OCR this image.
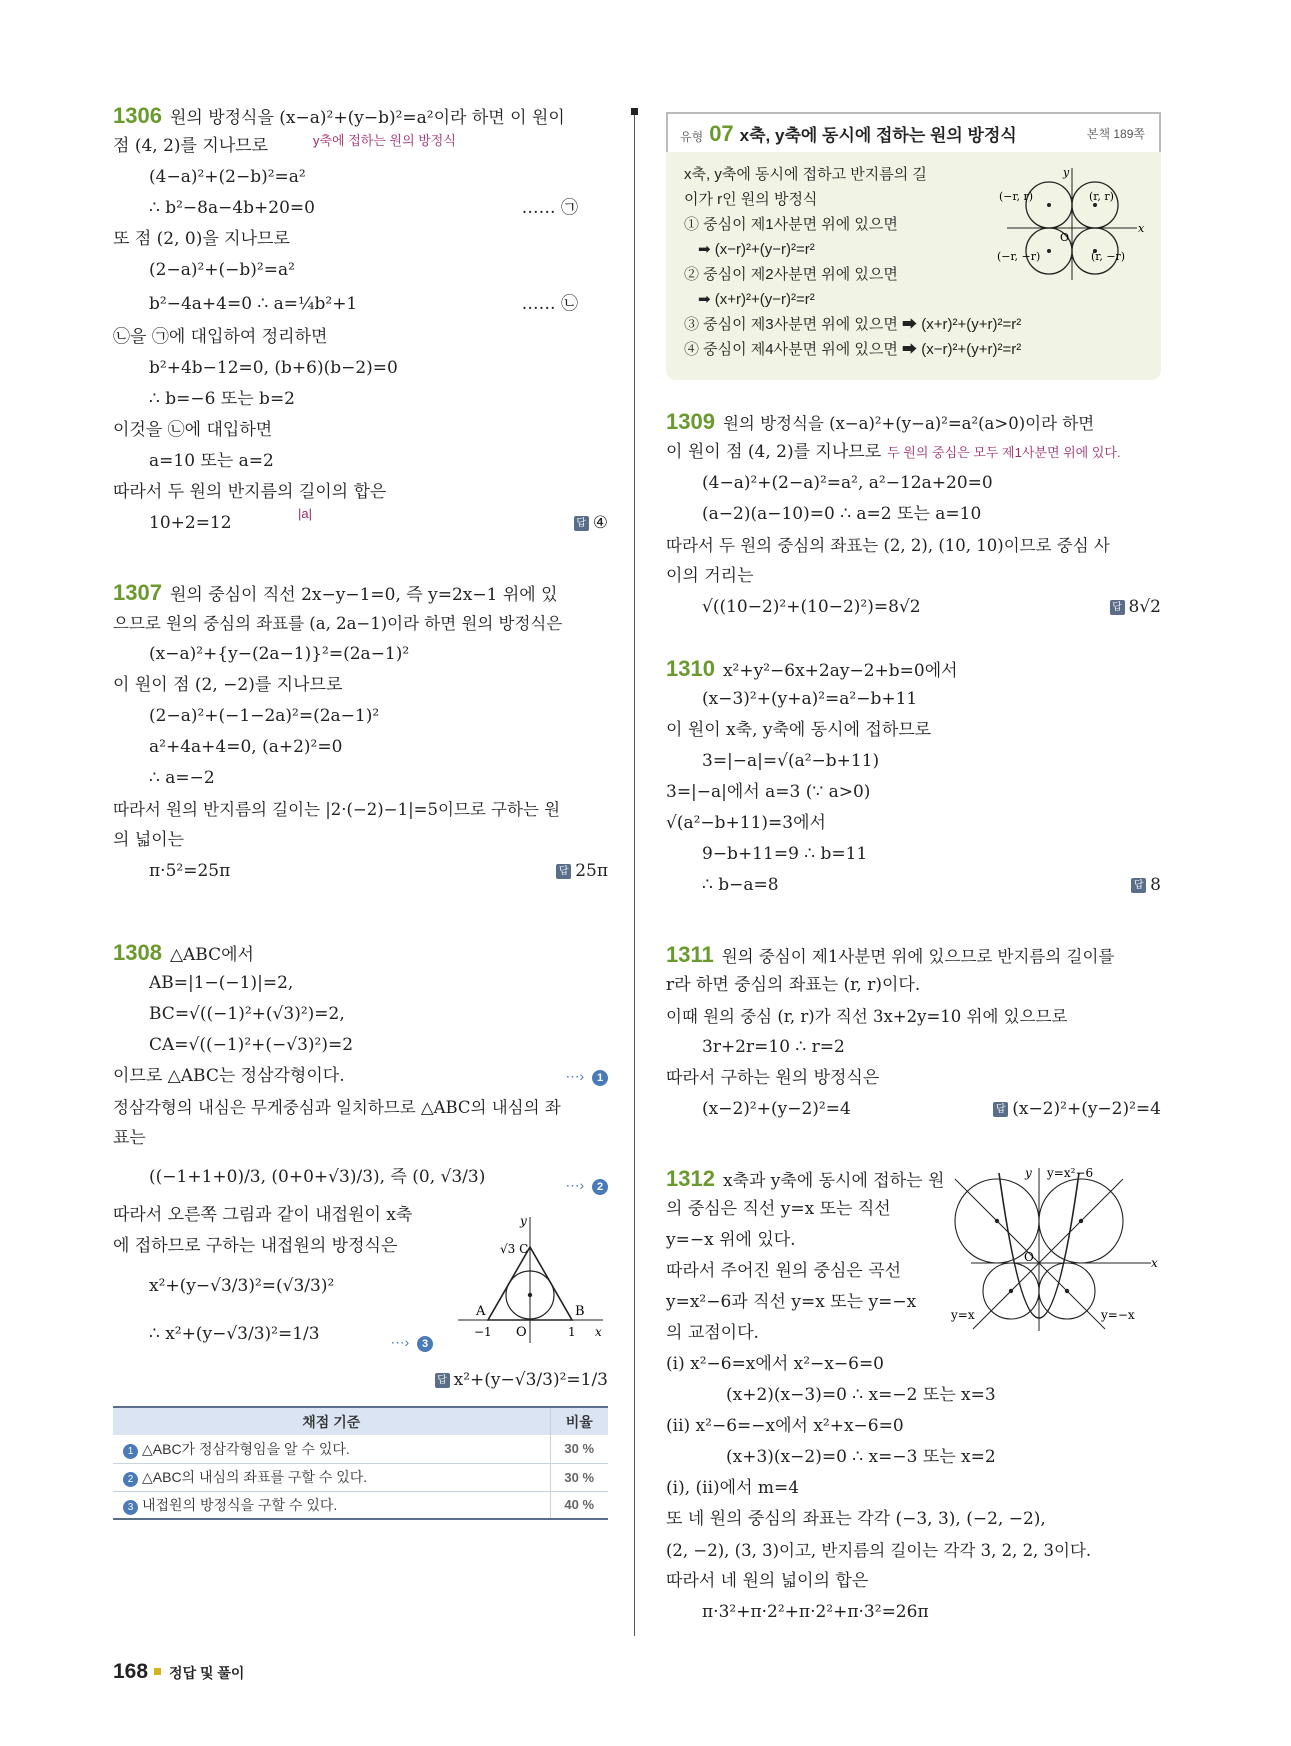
1306 원의 방정식을 (x−a)²+(y−b)²=a²이라 하면 이 원이
점 (4, 2)를 지나므로	y축에 접하는 원의 방정식
(4−a)²+(2−b)²=a²
∴ b²−8a−4b+20=0	…… ㉠
또 점 (2, 0)을 지나므로
(2−a)²+(−b)²=a²
b²−4a+4=0 ∴ a=¼b²+1	…… ㉡
㉡을 ㉠에 대입하여 정리하면
b²+4b−12=0, (b+6)(b−2)=0
∴ b=−6 또는 b=2
이것을 ㉡에 대입하면
a=10 또는 a=2
따라서 두 원의 반지름의 길이의 합은
10+2=12	|a|
답 ④
1307 원의 중심이 직선 2x−y−1=0, 즉 y=2x−1 위에 있
으므로 원의 중심의 좌표를 (a, 2a−1)이라 하면 원의 방정식은
(x−a)²+{y−(2a−1)}²=(2a−1)²
이 원이 점 (2, −2)를 지나므로
(2−a)²+(−1−2a)²=(2a−1)²
a²+4a+4=0, (a+2)²=0
∴ a=−2
따라서 원의 반지름의 길이는 |2·(−2)−1|=5이므로 구하는 원
의 넓이는
π·5²=25π	답 25π
1308 △ABC에서
AB=|1−(−1)|=2,
BC=√((−1)²+(√3)²)=2,
CA=√((−1)²+(−√3)²)=2
이므로 △ABC는 정삼각형이다.	⋯› 1
정삼각형의 내심은 무게중심과 일치하므로 △ABC의 내심의 좌
표는
((−1+1+0)/3, (0+0+√3)/3), 즉 (0, √3/3)	⋯› 2
따라서 오른쪽 그림과 같이 내접원이 x축
에 접하므로 구하는 내접원의 방정식은
x²+(y−√3/3)²=(√3/3)²
∴ x²+(y−√3/3)²=1/3	⋯› 3
답 x²+(y−√3/3)²=1/3
y
√3 C
A	B
O
−1	1 x
채점 기준	비율
1 △ABC가 정삼각형임을 알 수 있다.	30 %
2 △ABC의 내심의 좌표를 구할 수 있다.	30 %
3 내접원의 방정식을 구할 수 있다.	40 %
유형 07 x축, y축에 동시에 접하는 원의 방정식	본책 189쪽
x축, y축에 동시에 접하고 반지름의 길
이가 r인 원의 방정식
① 중심이 제1사분면 위에 있으면
➡ (x−r)²+(y−r)²=r²
② 중심이 제2사분면 위에 있으면
➡ (x+r)²+(y−r)²=r²
③ 중심이 제3사분면 위에 있으면 ➡ (x+r)²+(y+r)²=r²
④ 중심이 제4사분면 위에 있으면 ➡ (x−r)²+(y+r)²=r²
y
x
O
(−r, r)	(r, r)
(−r, −r)	(r, −r)
1309 원의 방정식을 (x−a)²+(y−a)²=a²(a>0)이라 하면
이 원이 점 (4, 2)를 지나므로 두 원의 중심은 모두 제1사분면 위에 있다.
(4−a)²+(2−a)²=a², a²−12a+20=0
(a−2)(a−10)=0 ∴ a=2 또는 a=10
따라서 두 원의 중심의 좌표는 (2, 2), (10, 10)이므로 중심 사
이의 거리는
√((10−2)²+(10−2)²)=8√2	답 8√2
1310 x²+y²−6x+2ay−2+b=0에서
(x−3)²+(y+a)²=a²−b+11
이 원이 x축, y축에 동시에 접하므로
3=|−a|=√(a²−b+11)
3=|−a|에서 a=3 (∵ a>0)
√(a²−b+11)=3에서
9−b+11=9 ∴ b=11
∴ b−a=8	답 8
1311 원의 중심이 제1사분면 위에 있으므로 반지름의 길이를
r라 하면 중심의 좌표는 (r, r)이다.
이때 원의 중심 (r, r)가 직선 3x+2y=10 위에 있으므로
3r+2r=10 ∴ r=2
따라서 구하는 원의 방정식은
(x−2)²+(y−2)²=4	답 (x−2)²+(y−2)²=4
1312 x축과 y축에 동시에 접하는 원
의 중심은 직선 y=x 또는 직선
y=−x 위에 있다.
따라서 주어진 원의 중심은 곡선
y=x²−6과 직선 y=x 또는 y=−x
의 교점이다.
(i) x²−6=x에서 x²−x−6=0
(x+2)(x−3)=0 ∴ x=−2 또는 x=3
(ii) x²−6=−x에서 x²+x−6=0
(x+3)(x−2)=0 ∴ x=−3 또는 x=2
(i), (ii)에서 m=4
또 네 원의 중심의 좌표는 각각 (−3, 3), (−2, −2),
(2, −2), (3, 3)이고, 반지름의 길이는 각각 3, 2, 2, 3이다.
따라서 네 원의 넓이의 합은
π·3²+π·2²+π·2²+π·3²=26π
y y=x²−6
O	x
y=x	y=−x
168 정답 및 풀이
